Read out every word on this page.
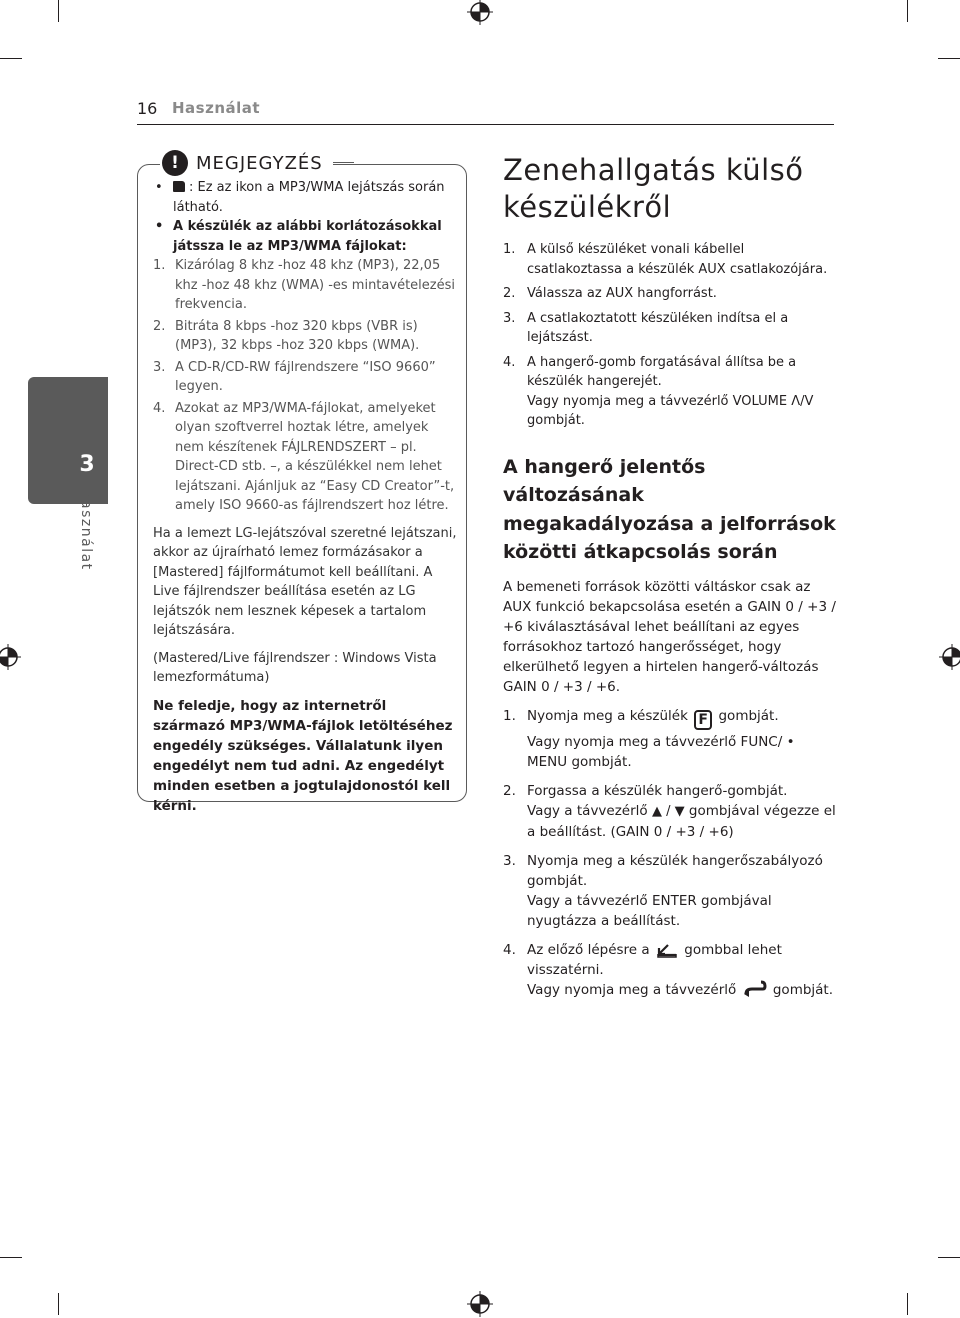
16 Használat
3
Használat
! MEGJEGYZÉS
• : Ez az ikon a MP3/WMA lejátszás során látható.
• A készülék az alábbi korlátozásokkal játssza le az MP3/WMA fájlokat:
1. Kizárólag 8 khz -hoz 48 khz (MP3), 22,05 khz -hoz 48 khz (WMA) -es mintavételezési frekvencia.
2. Bitráta 8 kbps -hoz 320 kbps (VBR is) (MP3), 32 kbps -hoz 320 kbps (WMA).
3. A CD-R/CD-RW fájlrendszere “ISO 9660” legyen.
4. Azokat az MP3/WMA-fájlokat, amelyeket olyan szoftverrel hoztak létre, amelyek nem készítenek FÁJLRENDSZERT – pl. Direct-CD stb. –, a készülékkel nem lehet lejátszani. Ajánljuk az “Easy CD Creator”-t, amely ISO 9660-as fájlrendszert hoz létre.
Ha a lemezt LG-lejátszóval szeretné lejátszani, akkor az újraírható lemez formázásakor a [Mastered] fájlformátumot kell beállítani. A Live fájlrendszer beállítása esetén az LG lejátszók nem lesznek képesek a tartalom lejátszására.
(Mastered/Live fájlrendszer : Windows Vista lemezformátuma)
Ne feledje, hogy az internetről származó MP3/WMA-fájlok letöltéséhez engedély szükséges. Vállalatunk ilyen engedélyt nem tud adni. Az engedélyt minden esetben a jogtulajdonostól kell kérni.
Zenehallgatás külső készülékről
1. A külső készüléket vonali kábellel csatlakoztassa a készülék AUX csatlakozójára.
2. Válassza az AUX hangforrást.
3. A csatlakoztatott készüléken indítsa el a lejátszást.
4. A hangerő-gomb forgatásával állítsa be a készülék hangerejét.
Vagy nyomja meg a távvezérlő VOLUME Λ/V gombját.
A hangerő jelentős változásának megakadályozása a jelforrások közötti átkapcsolás során
A bemeneti források közötti váltáskor csak az AUX funkció bekapcsolása esetén a GAIN 0 / +3 / +6 kiválasztásával lehet beállítani az egyes forrásokhoz tartozó hangerősséget, hogy elkerülhető legyen a hirtelen hangerő-változás GAIN 0 / +3 / +6.
1. Nyomja meg a készülék F gombját.
Vagy nyomja meg a távvezérlő FUNC/ • MENU gombját.
2. Forgassa a készülék hangerő-gombját.
Vagy a távvezérlő ▲ / ▼ gombjával végezze el a beállítást. (GAIN 0 / +3 / +6)
3. Nyomja meg a készülék hangerőszabályozó gombját.
Vagy a távvezérlő ENTER gombjával nyugtázza a beállítást.
4. Az előző lépésre a	gombbal lehet visszatérni.
Vagy nyomja meg a távvezérlő	gombját.
